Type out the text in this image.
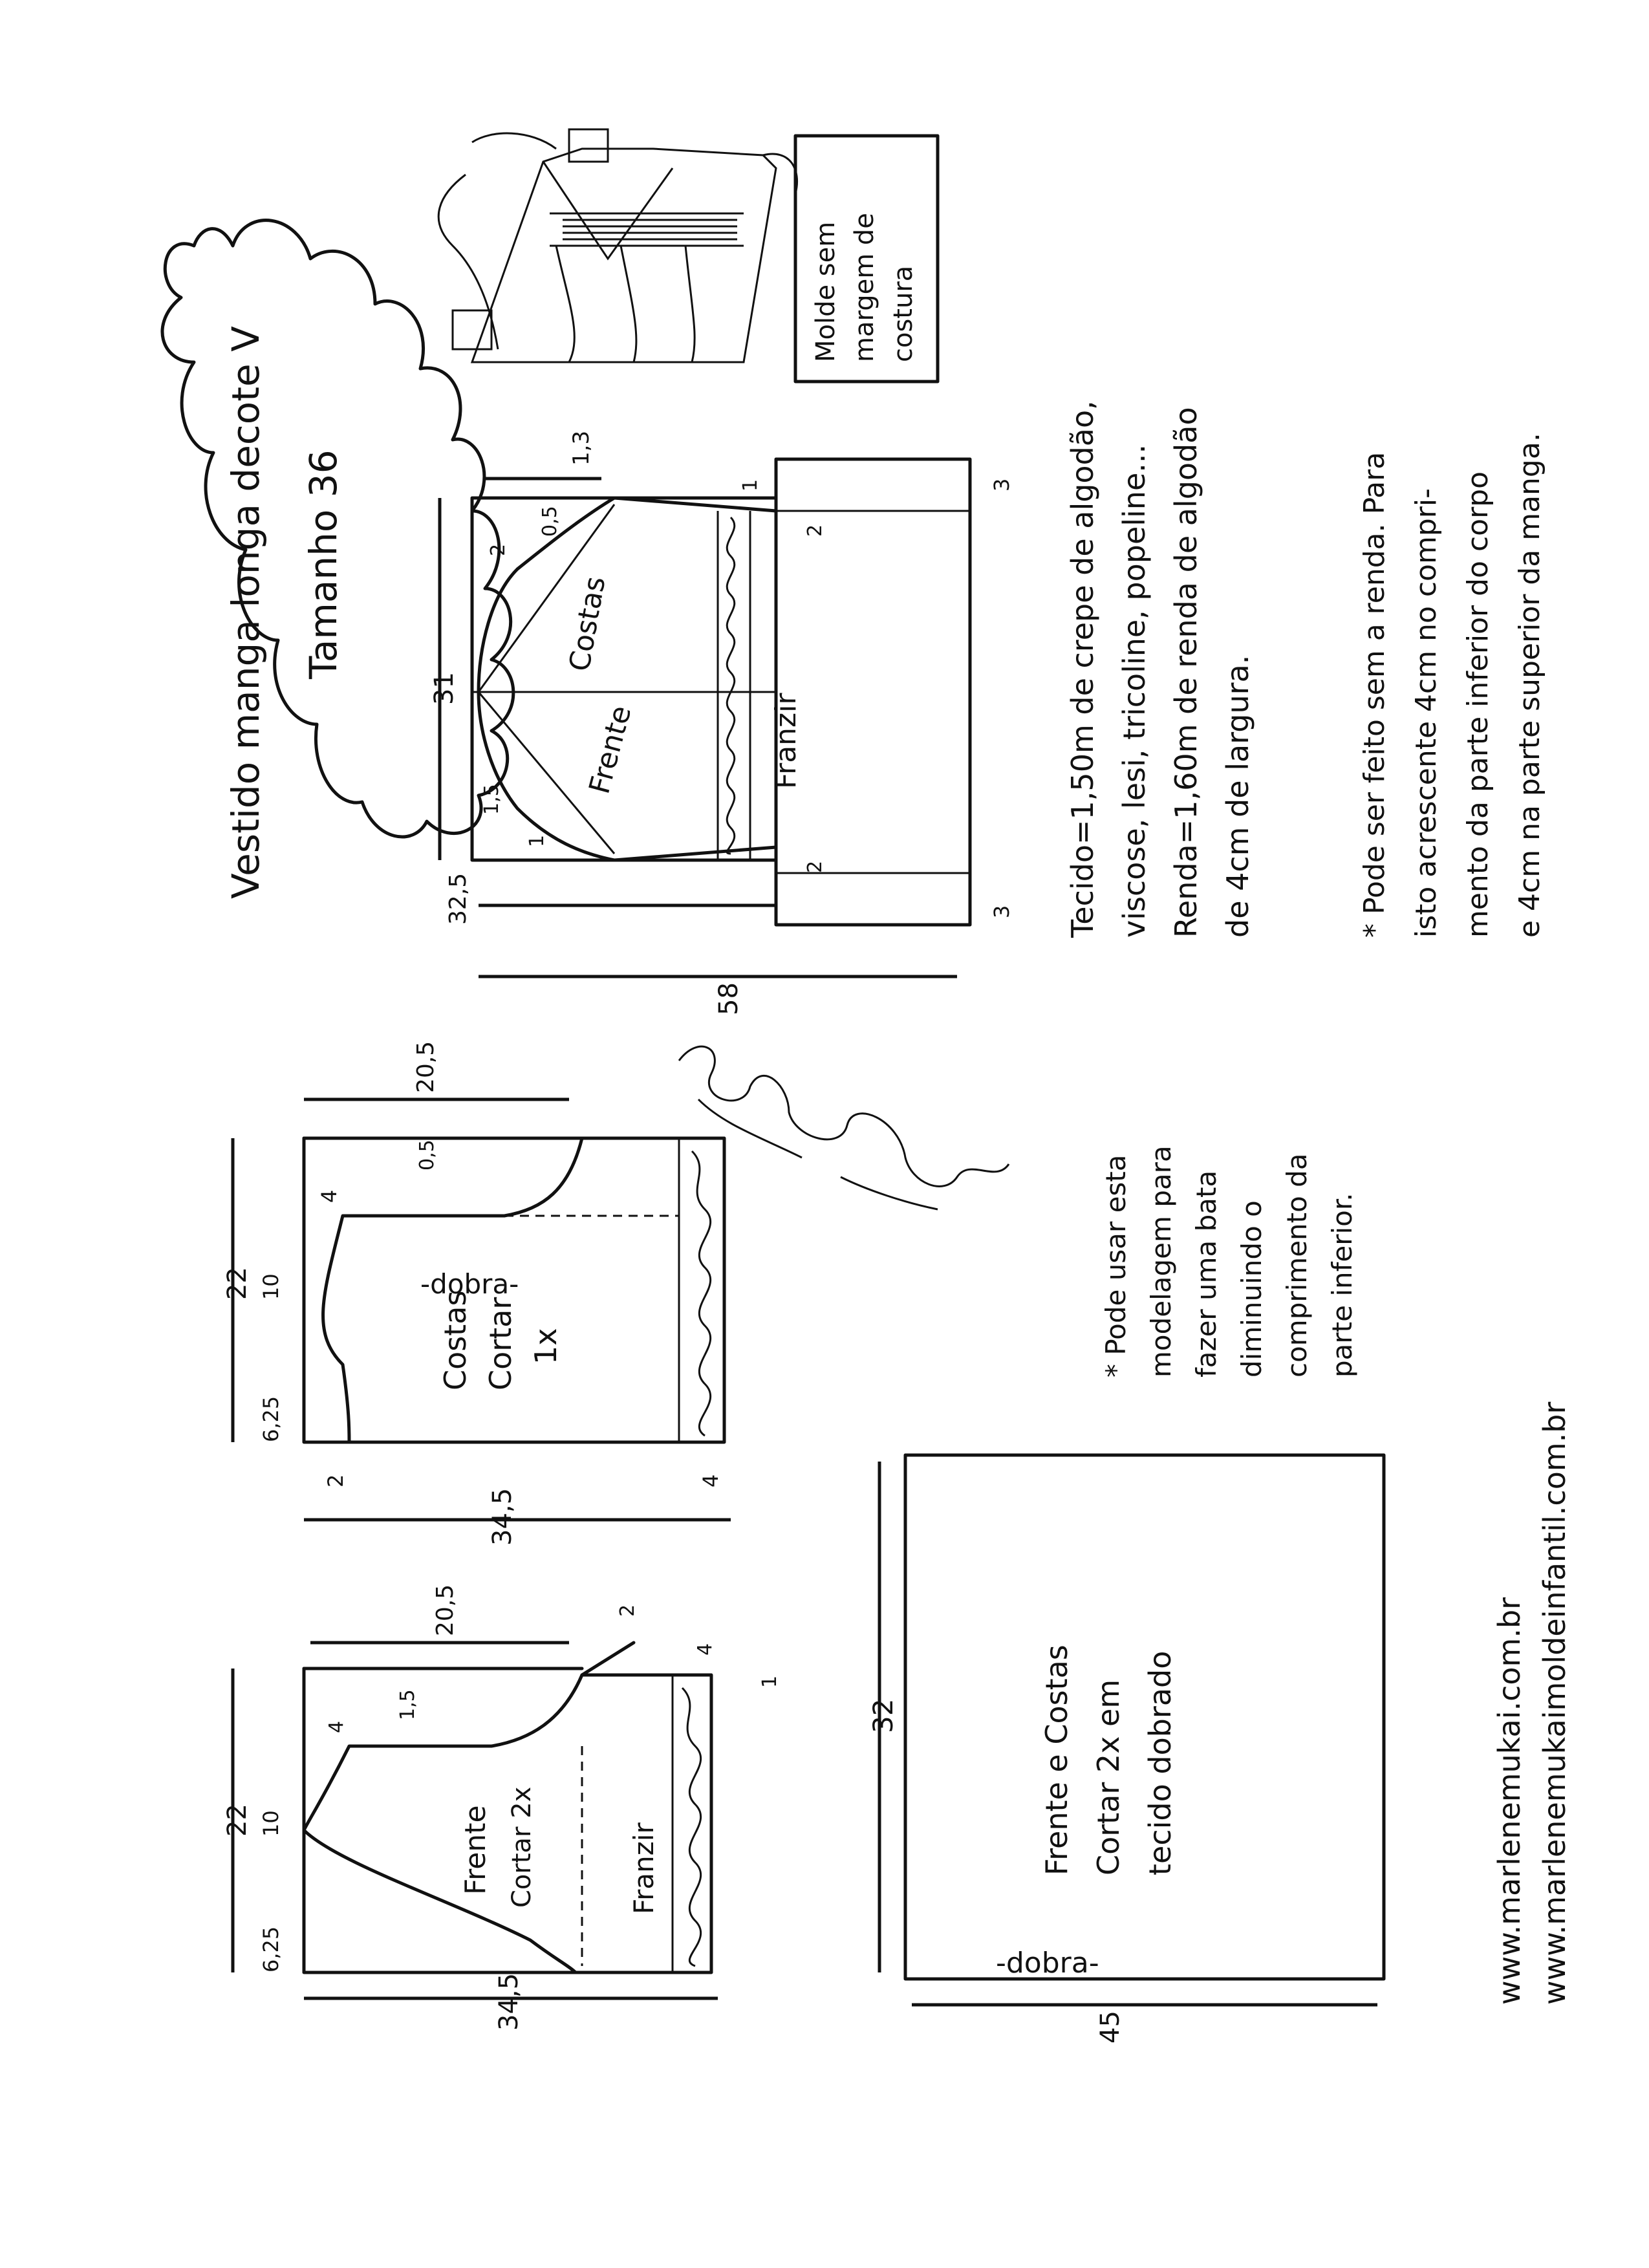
Vestido manga longa decote V Tamanho 36
Molde sem margem de costura
Costas
Frente	Franzir
31
32,5
58
1,3
0,5
2
1,5
1
1
2
2
3
3 Tecido=1,50m de crepe de algodão, viscose, lesi, tricoline, popeline... Renda=1,60m de renda de algodão de 4cm de largura.	* Pode ser feito sem a renda. Para isto acrescente 4cm no compri- mento da parte inferior do corpo e 4cm na parte superior da manga.
Costas Cortar 1x
-dobra-
22
20,5
34,5
6,25
10
4
0,5
2	4
* Pode usar esta modelagem para fazer uma bata diminuindo o comprimento da parte inferior.
Frente Cortar 2x	Franzir
22
20,5
34,5
6,25
10
4
1,5
2
4
1	Frente e Costas Cortar 2x em tecido dobrado
-dobra-
32
45
www.marlenemukai.com.br www.marlenemukaimoldeinfantil.com.br
